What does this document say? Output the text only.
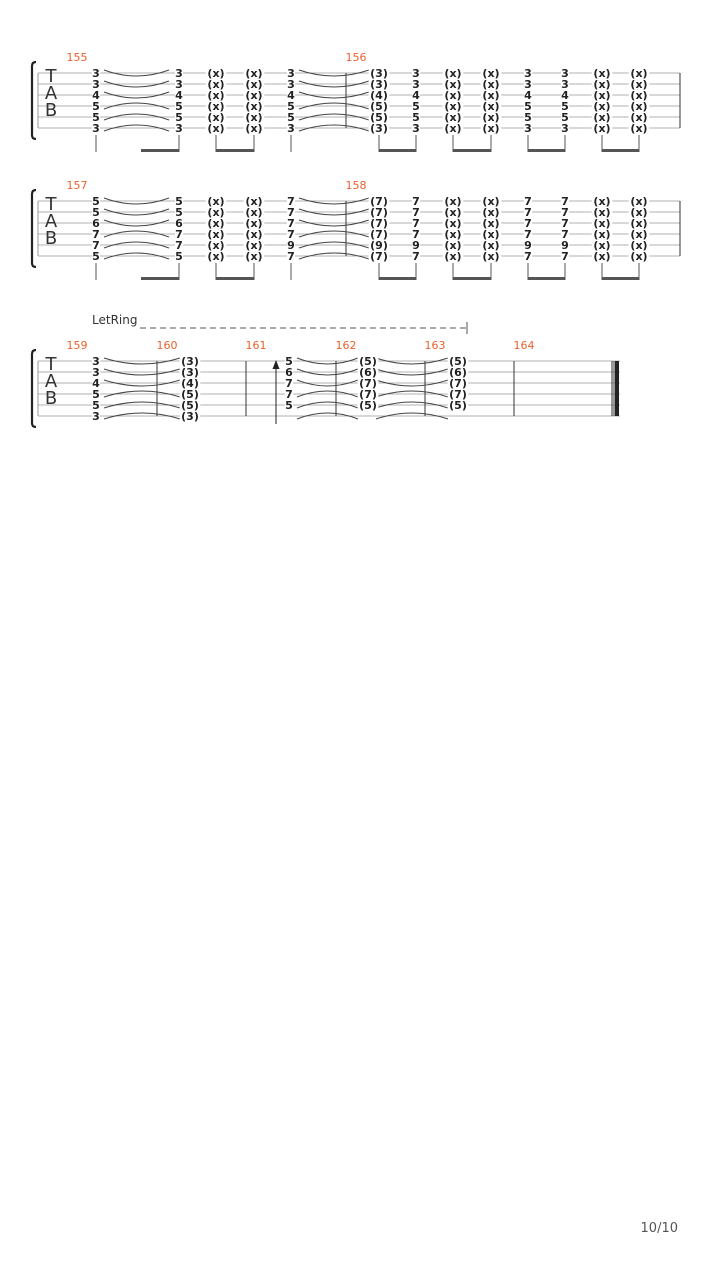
T
A
B
155
3
3
4
5
5
3
3
3
4
5
5
3
(x)
(x)
(x)
(x)
(x)
(x)
(x)
(x)
(x)
(x)
(x)
(x)
3
3
4
5
5
3
156
(3)
(3)
(4)
(5)
(5)
(3)
3
3
4
5
5
3
(x)
(x)
(x)
(x)
(x)
(x)
(x)
(x)
(x)
(x)
(x)
(x)
3
3
4
5
5
3
3
3
4
5
5
3
(x)
(x)
(x)
(x)
(x)
(x)
(x)
(x)
(x)
(x)
(x)
(x)
T
A
B
157
5
5
6
7
7
5
5
5
6
7
7
5
(x)
(x)
(x)
(x)
(x)
(x)
(x)
(x)
(x)
(x)
(x)
(x)
7
7
7
7
9
7
158
(7)
(7)
(7)
(7)
(9)
(7)
7
7
7
7
9
7
(x)
(x)
(x)
(x)
(x)
(x)
(x)
(x)
(x)
(x)
(x)
(x)
7
7
7
7
9
7
7
7
7
7
9
7
(x)
(x)
(x)
(x)
(x)
(x)
(x)
(x)
(x)
(x)
(x)
(x)
T
A
B
159
3
3
4
5
5
3
160
(3)
(3)
(4)
(5)
(5)
(3)
161
5
6
7
7
5
162
(5)
(6)
(7)
(7)
(5)
163
(5)
(6)
(7)
(7)
(5)
164
LetRing
10/10
